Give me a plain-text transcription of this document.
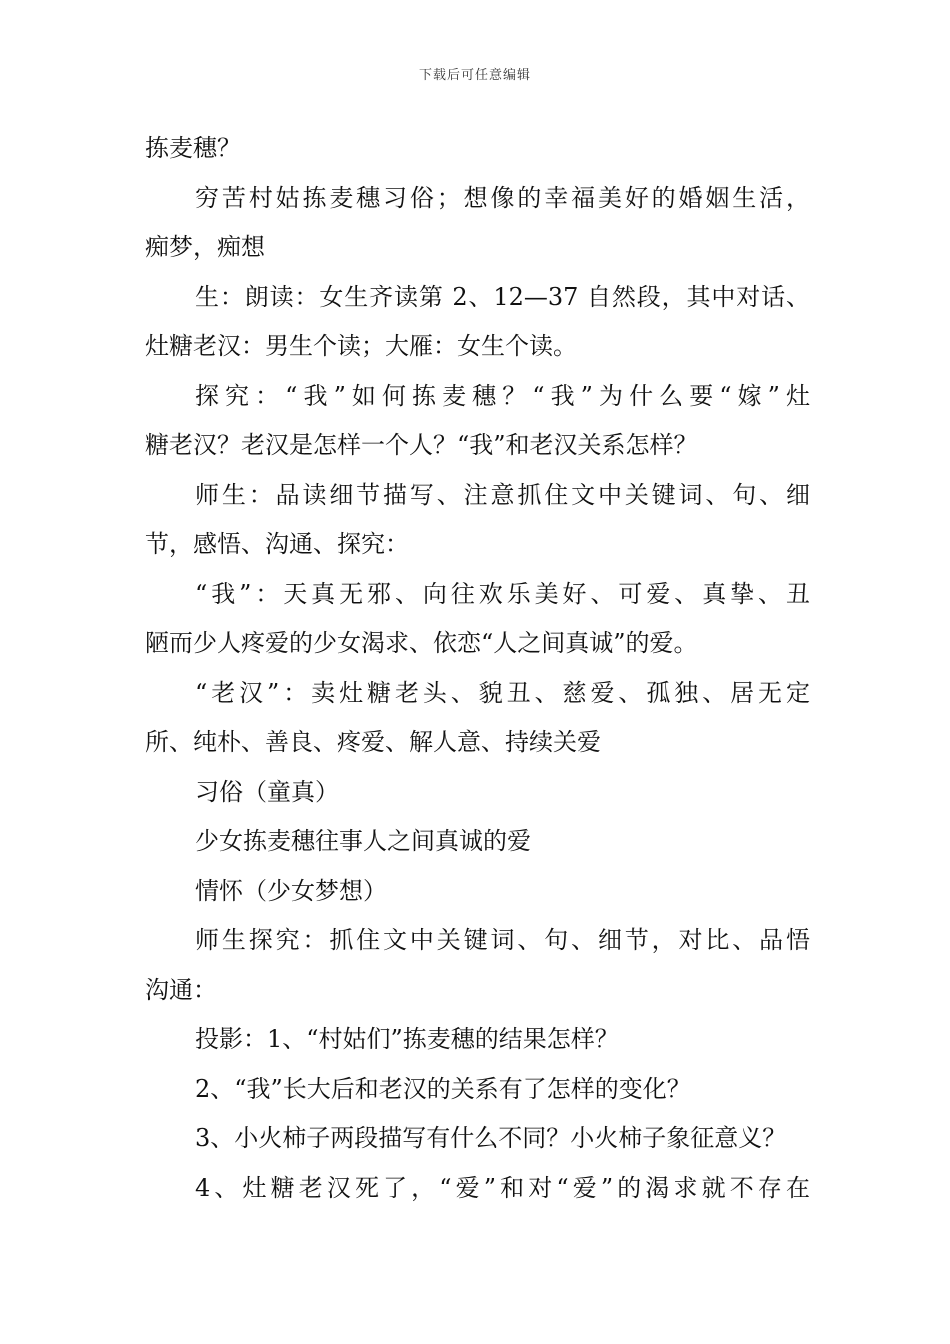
下载后可任意编辑
拣麦穗？
穷苦村姑拣麦穗习俗；想像的幸福美好的婚姻生活，
痴梦，痴想
生：朗读：女生齐读第 2、12—37 自然段，其中对话、
灶糖老汉：男生个读；大雁：女生个读。
探究：“我”如何拣麦穗？“我”为什么要“嫁”灶
糖老汉？老汉是怎样一个人？“我”和老汉关系怎样？
师生：品读细节描写、注意抓住文中关键词、句、细
节，感悟、沟通、探究：
“我”：天真无邪、向往欢乐美好、可爱、真挚、丑
陋而少人疼爱的少女渴求、依恋“人之间真诚”的爱。
“老汉”：卖灶糖老头、貌丑、慈爱、孤独、居无定
所、纯朴、善良、疼爱、解人意、持续关爱
习俗（童真）
少女拣麦穗往事人之间真诚的爱
情怀（少女梦想）
师生探究：抓住文中关键词、句、细节，对比、品悟
沟通：
投影：1、“村姑们”拣麦穗的结果怎样？
2、“我”长大后和老汉的关系有了怎样的变化？
3、小火柿子两段描写有什么不同？小火柿子象征意义？
4、灶糖老汉死了，“爱”和对“爱”的渴求就不存在
